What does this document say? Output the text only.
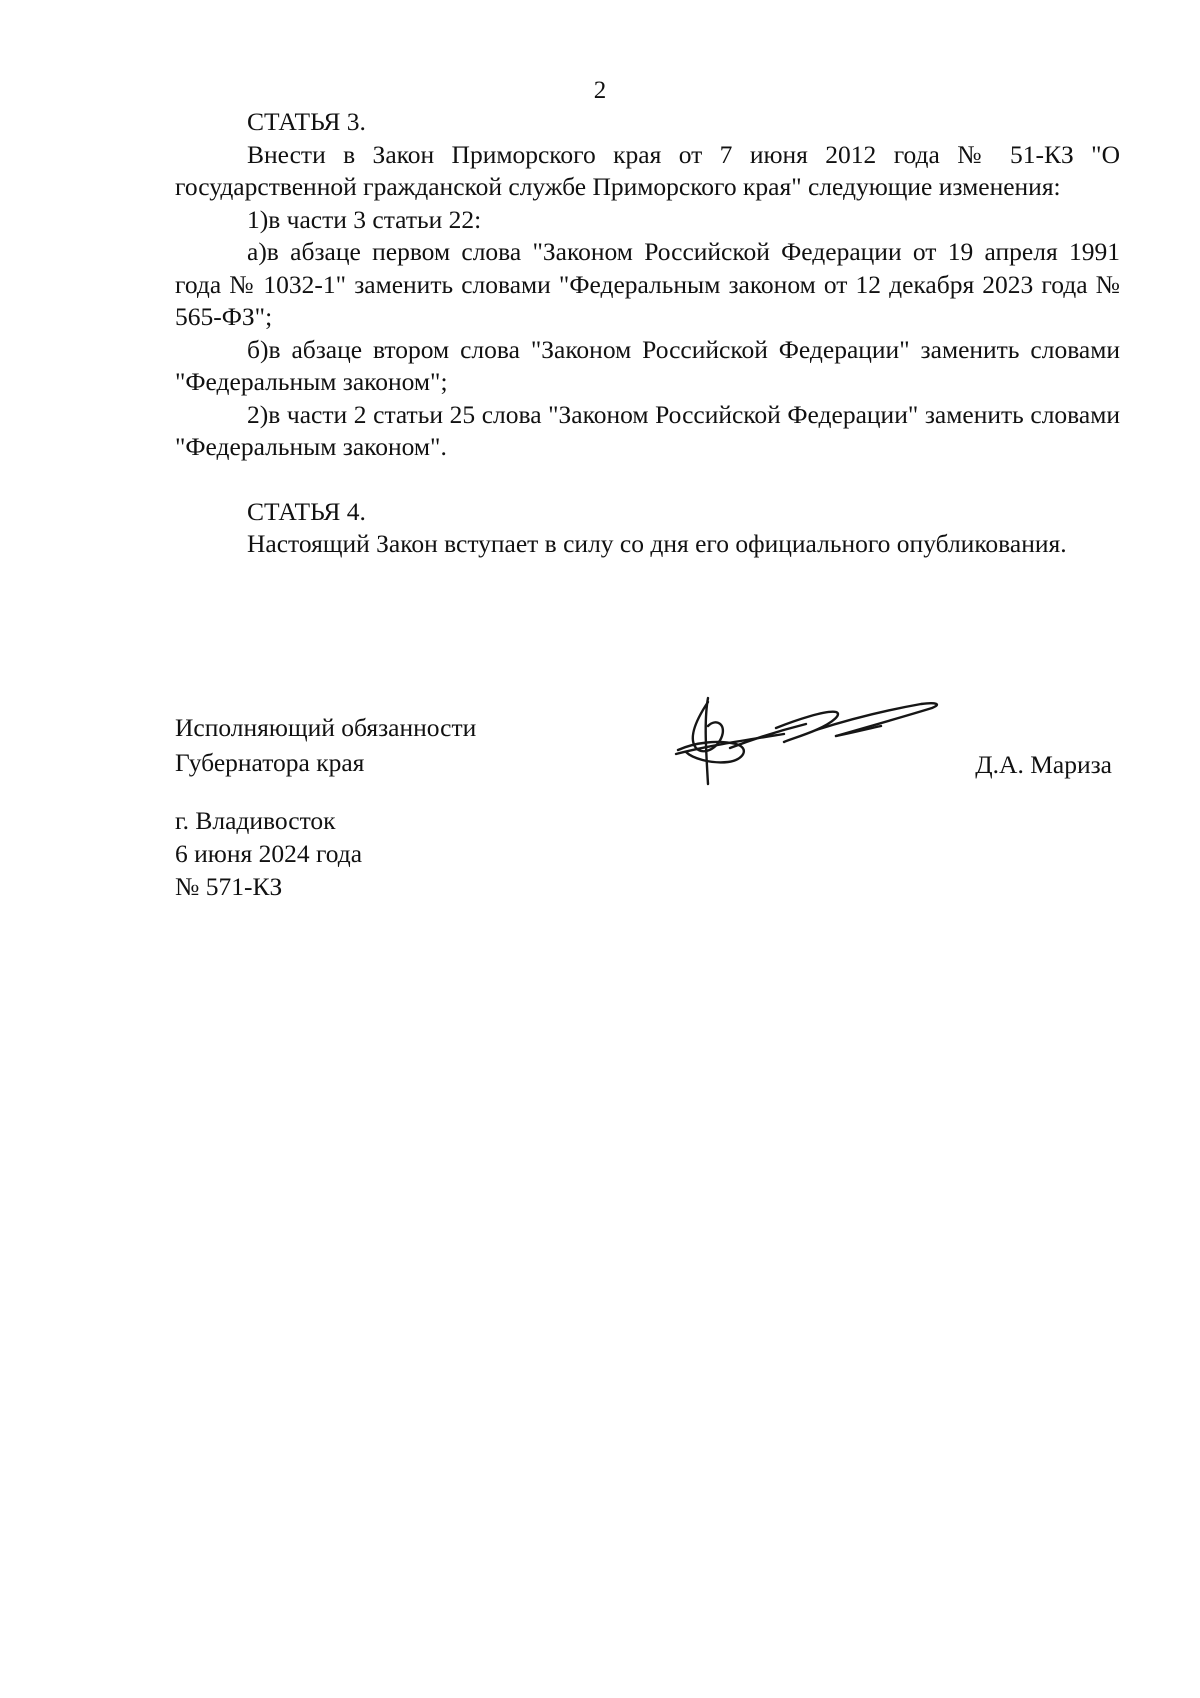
2

СТАТЬЯ 3.

Внести в Закон Приморского края от 7 июня 2012 года № 51-КЗ "О государственной гражданской службе Приморского края" следующие изменения:

1)в части 3 статьи 22:

а)в абзаце первом слова "Законом Российской Федерации от 19 апреля 1991 года № 1032-1" заменить словами "Федеральным законом от 12 декабря 2023 года № 565-ФЗ";

б)в абзаце втором слова "Законом Российской Федерации" заменить словами "Федеральным законом";

2)в части 2 статьи 25 слова "Законом Российской Федерации" заменить словами "Федеральным законом".

СТАТЬЯ 4.

Настоящий Закон вступает в силу со дня его официального опубликования.

Исполняющий обязанности
Губернатора края	Д.А. Мариза
г. Владивосток
6 июня 2024 года
№ 571-КЗ
